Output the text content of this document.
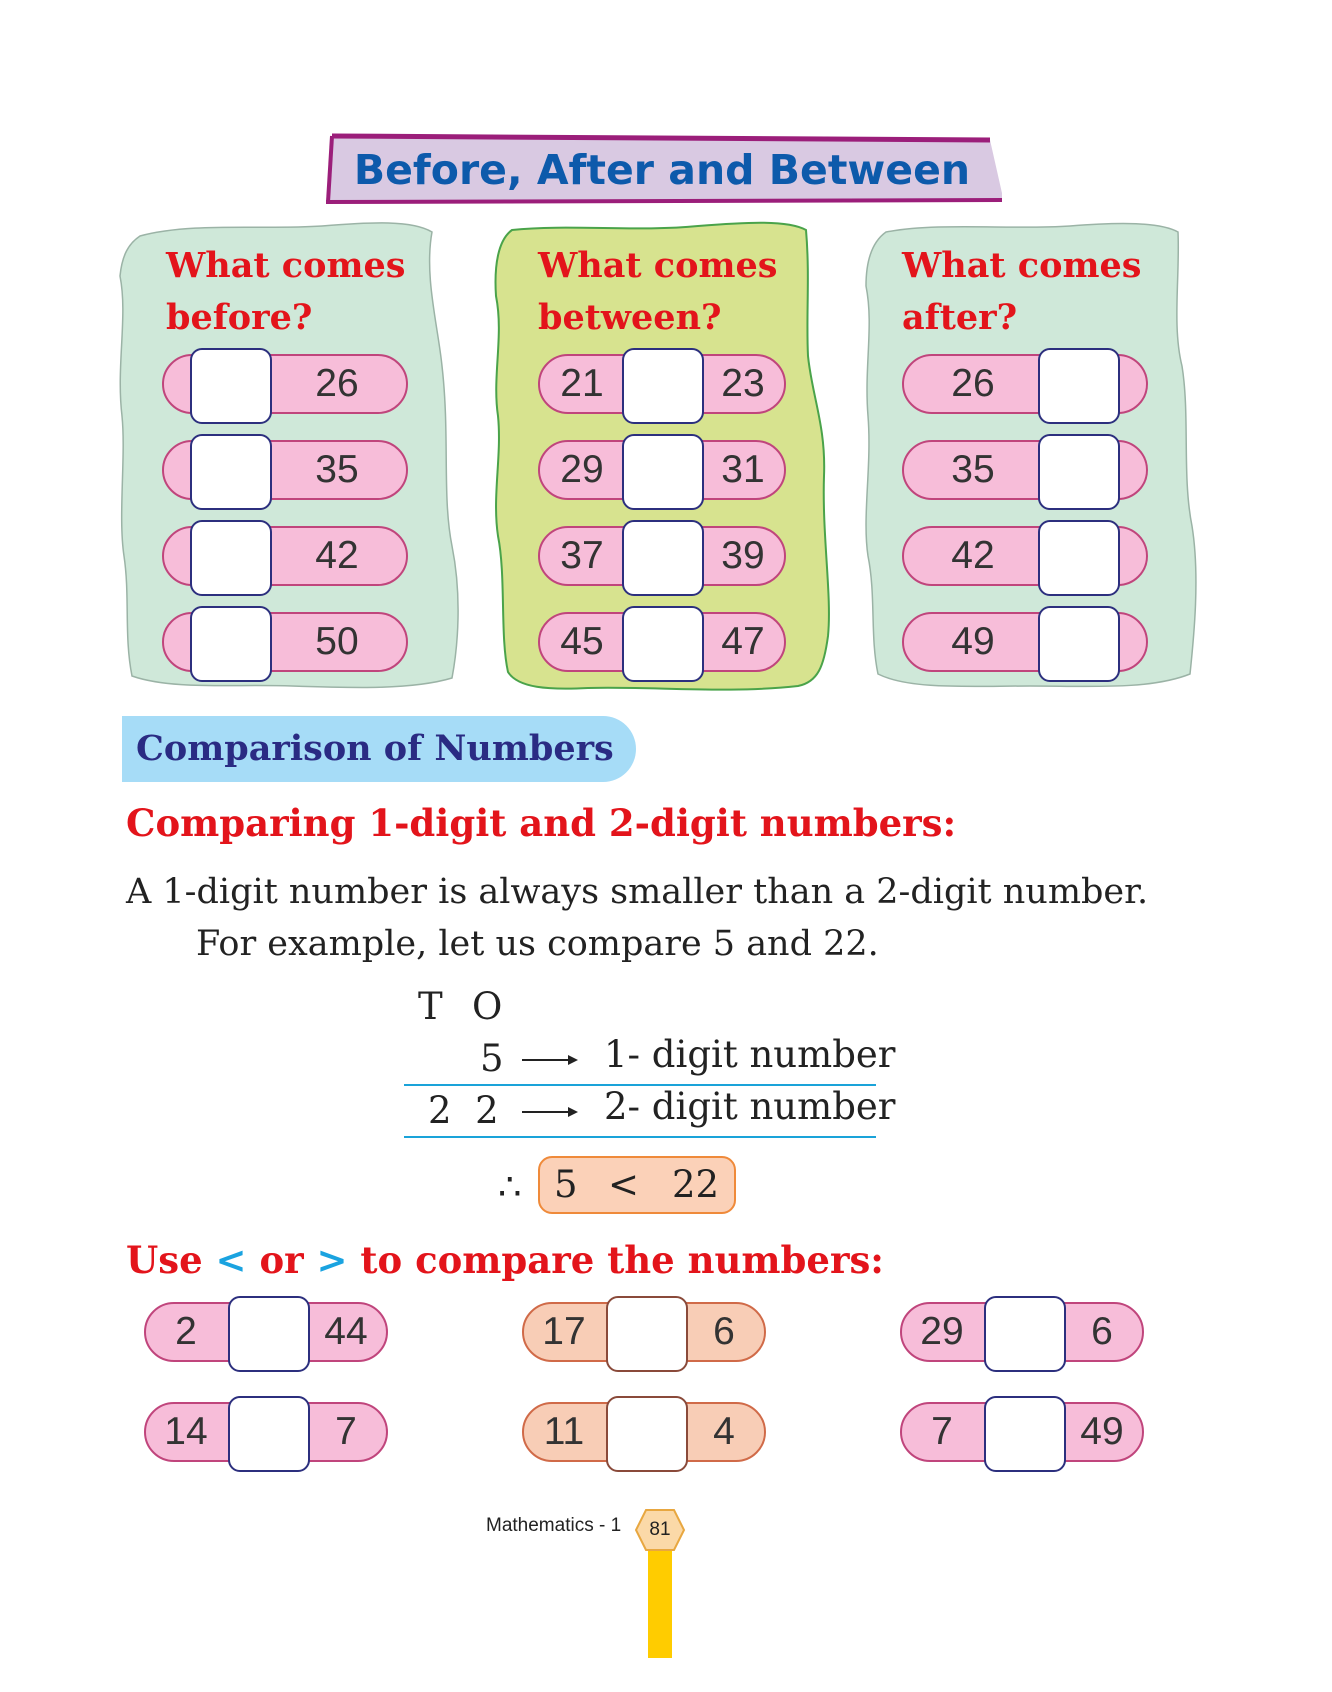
Before, After and Between
What comes
before?
What comes
between?
What comes
after?
26
35
42
50
21	23
29	31
37	39
45	47
26
35
42
49
Comparison of Numbers
Comparing 1-digit and 2-digit numbers:
A 1-digit number is always smaller than a 2-digit number.
For example, let us compare 5 and 22.
T O
5	1- digit number
2  2	2- digit number
∴ 5 < 22
Use < or > to compare the numbers:
2	44	17	6	29	6
14	7	11	4	7	49
Mathematics - 1	81
